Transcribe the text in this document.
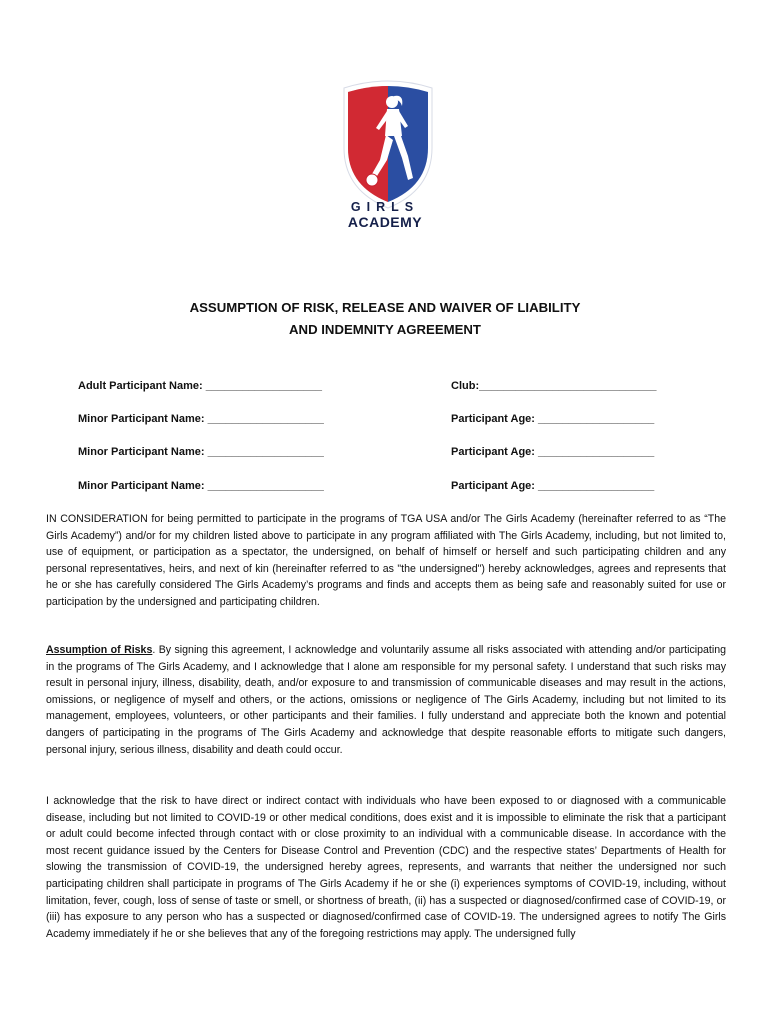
GIRLS
ACADEMY
ASSUMPTION OF RISK, RELEASE AND WAIVER OF LIABILITY
AND INDEMNITY AGREEMENT
Adult Participant Name: ___________________	Club:_____________________________
Minor Participant Name: ___________________	Participant Age: ___________________
Minor Participant Name: ___________________	Participant Age: ___________________
Minor Participant Name: ___________________	Participant Age: ___________________
IN CONSIDERATION for being permitted to participate in the programs of TGA USA and/or The Girls Academy (hereinafter referred to as “The Girls Academy”) and/or for my children listed above to participate in any program affiliated with The Girls Academy, including, but not limited to, use of equipment, or participation as a spectator, the undersigned, on behalf of himself or herself and such participating children and any personal representatives, heirs, and next of kin (hereinafter referred to as "the undersigned") hereby acknowledges, agrees and represents that he or she has carefully considered The Girls Academy’s programs and finds and accepts them as being safe and reasonably suited for use or participation by the undersigned and participating children.
Assumption of Risks. By signing this agreement, I acknowledge and voluntarily assume all risks associated with attending and/or participating in the programs of The Girls Academy, and I acknowledge that I alone am responsible for my personal safety. I understand that such risks may result in personal injury, illness, disability, death, and/or exposure to and transmission of communicable diseases and may result in the actions, omissions, or negligence of myself and others, or the actions, omissions or negligence of The Girls Academy, including but not limited to its management, employees, volunteers, or other participants and their families. I fully understand and appreciate both the known and potential dangers of participating in the programs of The Girls Academy and acknowledge that despite reasonable efforts to mitigate such dangers, personal injury, serious illness, disability and death could occur.
I acknowledge that the risk to have direct or indirect contact with individuals who have been exposed to or diagnosed with a communicable disease, including but not limited to COVID-19 or other medical conditions, does exist and it is impossible to eliminate the risk that a participant or adult could become infected through contact with or close proximity to an individual with a communicable disease. In accordance with the most recent guidance issued by the Centers for Disease Control and Prevention (CDC) and the respective states’ Departments of Health for slowing the transmission of COVID-19, the undersigned hereby agrees, represents, and warrants that neither the undersigned nor such participating children shall participate in programs of The Girls Academy if he or she (i) experiences symptoms of COVID-19, including, without limitation, fever, cough, loss of sense of taste or smell, or shortness of breath, (ii) has a suspected or diagnosed/confirmed case of COVID-19, or (iii) has exposure to any person who has a suspected or diagnosed/confirmed case of COVID-19. The undersigned agrees to notify The Girls Academy immediately if he or she believes that any of the foregoing restrictions may apply. The undersigned fully
